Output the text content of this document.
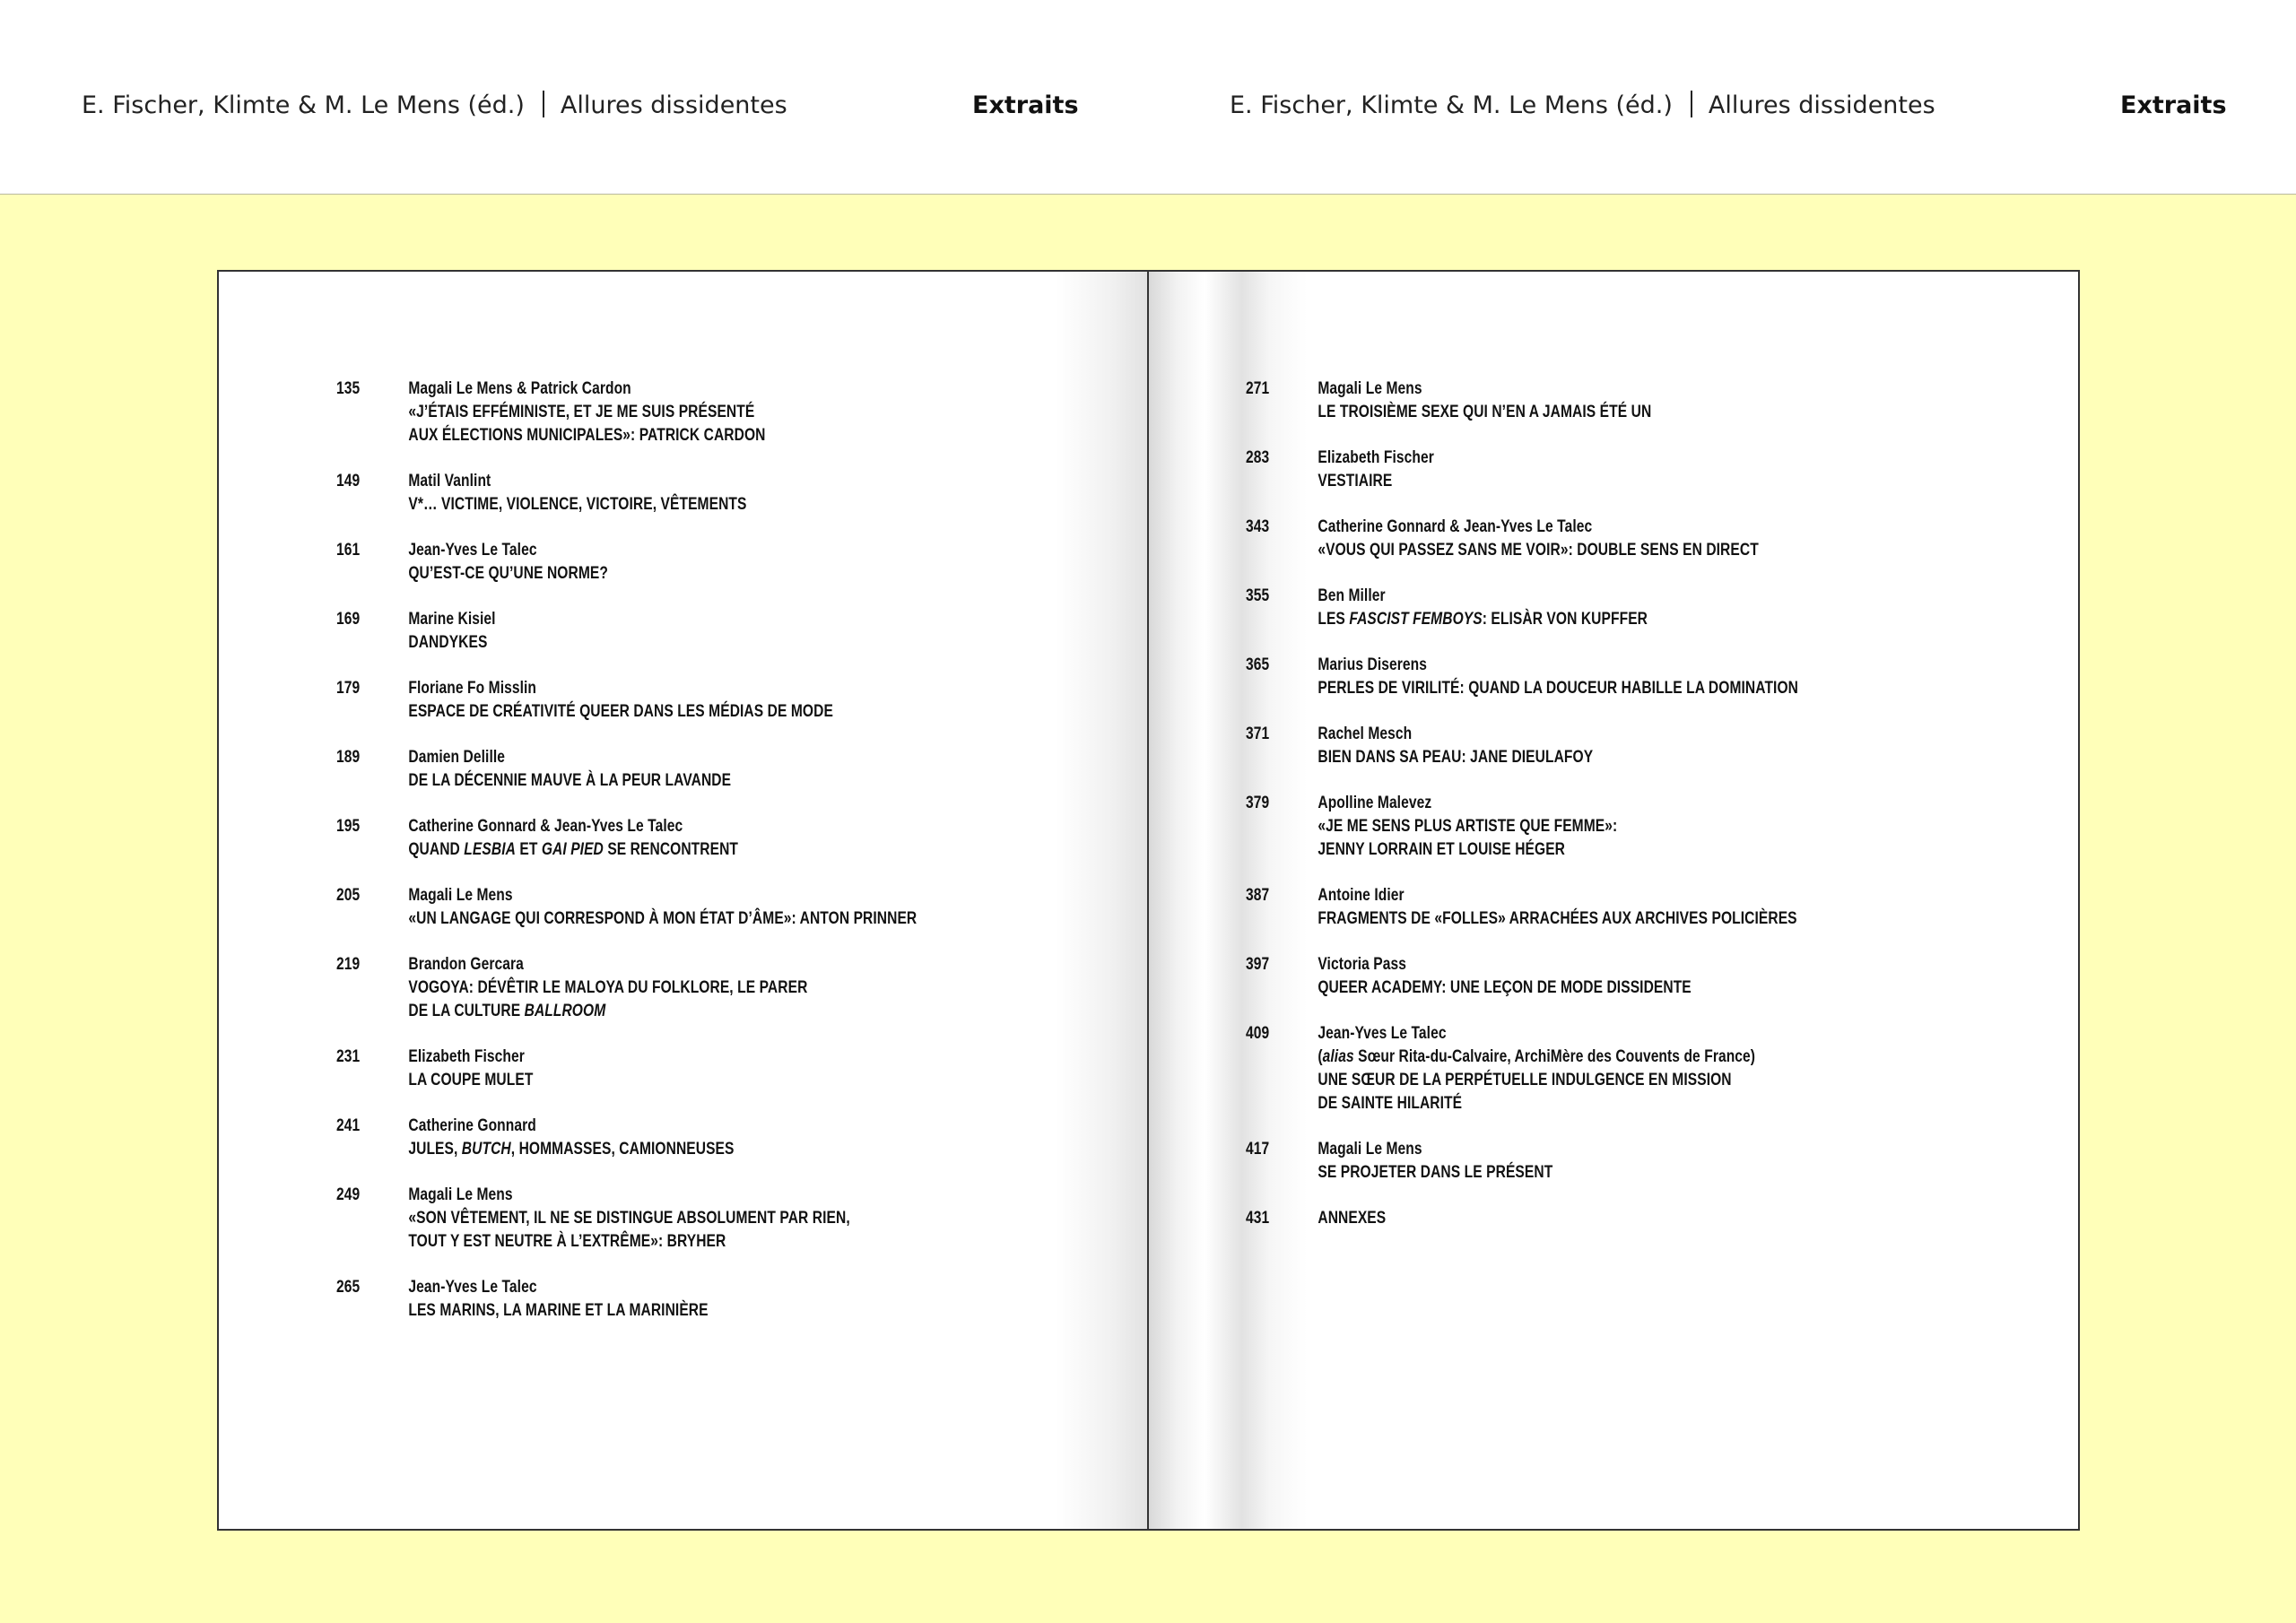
E. Fischer, Klimte & M. Le Mens (éd.) Allures dissidentes	Extraits	E. Fischer, Klimte & M. Le Mens (éd.) Allures dissidentes	Extraits
135	Magali Le Mens & Patrick Cardon
«J’ÉTAIS EFFÉMINISTE, ET JE ME SUIS PRÉSENTÉ
AUX ÉLECTIONS MUNICIPALES»: PATRICK CARDON
149	Matil Vanlint
V*… VICTIME, VIOLENCE, VICTOIRE, VÊTEMENTS
161	Jean-Yves Le Talec
QU’EST-CE QU’UNE NORME?
169	Marine Kisiel
DANDYKES
179	Floriane Fo Misslin
ESPACE DE CRÉATIVITÉ QUEER DANS LES MÉDIAS DE MODE
189	Damien Delille
DE LA DÉCENNIE MAUVE À LA PEUR LAVANDE
195	Catherine Gonnard & Jean-Yves Le Talec
QUAND LESBIA ET GAI PIED SE RENCONTRENT
205	Magali Le Mens
«UN LANGAGE QUI CORRESPOND À MON ÉTAT D’ÂME»: ANTON PRINNER
219	Brandon Gercara
VOGOYA: DÉVÊTIR LE MALOYA DU FOLKLORE, LE PARER
DE LA CULTURE BALLROOM
231	Elizabeth Fischer
LA COUPE MULET
241	Catherine Gonnard
JULES, BUTCH, HOMMASSES, CAMIONNEUSES
249	Magali Le Mens
«SON VÊTEMENT, IL NE SE DISTINGUE ABSOLUMENT PAR RIEN,
TOUT Y EST NEUTRE À L’EXTRÊME»: BRYHER
265	Jean-Yves Le Talec
LES MARINS, LA MARINE ET LA MARINIÈRE
271	Magali Le Mens
LE TROISIÈME SEXE QUI N’EN A JAMAIS ÉTÉ UN
283	Elizabeth Fischer
VESTIAIRE
343	Catherine Gonnard & Jean-Yves Le Talec
«VOUS QUI PASSEZ SANS ME VOIR»: DOUBLE SENS EN DIRECT
355	Ben Miller
LES FASCIST FEMBOYS: ELISÀR VON KUPFFER
365	Marius Diserens
PERLES DE VIRILITÉ: QUAND LA DOUCEUR HABILLE LA DOMINATION
371	Rachel Mesch
BIEN DANS SA PEAU: JANE DIEULAFOY
379	Apolline Malevez
«JE ME SENS PLUS ARTISTE QUE FEMME»:
JENNY LORRAIN ET LOUISE HÉGER
387	Antoine Idier
FRAGMENTS DE «FOLLES» ARRACHÉES AUX ARCHIVES POLICIÈRES
397	Victoria Pass
QUEER ACADEMY: UNE LEÇON DE MODE DISSIDENTE
409	Jean-Yves Le Talec
(alias Sœur Rita-du-Calvaire, ArchiMère des Couvents de France)
UNE SŒUR DE LA PERPÉTUELLE INDULGENCE EN MISSION
DE SAINTE HILARITÉ
417	Magali Le Mens
SE PROJETER DANS LE PRÉSENT
431	ANNEXES
